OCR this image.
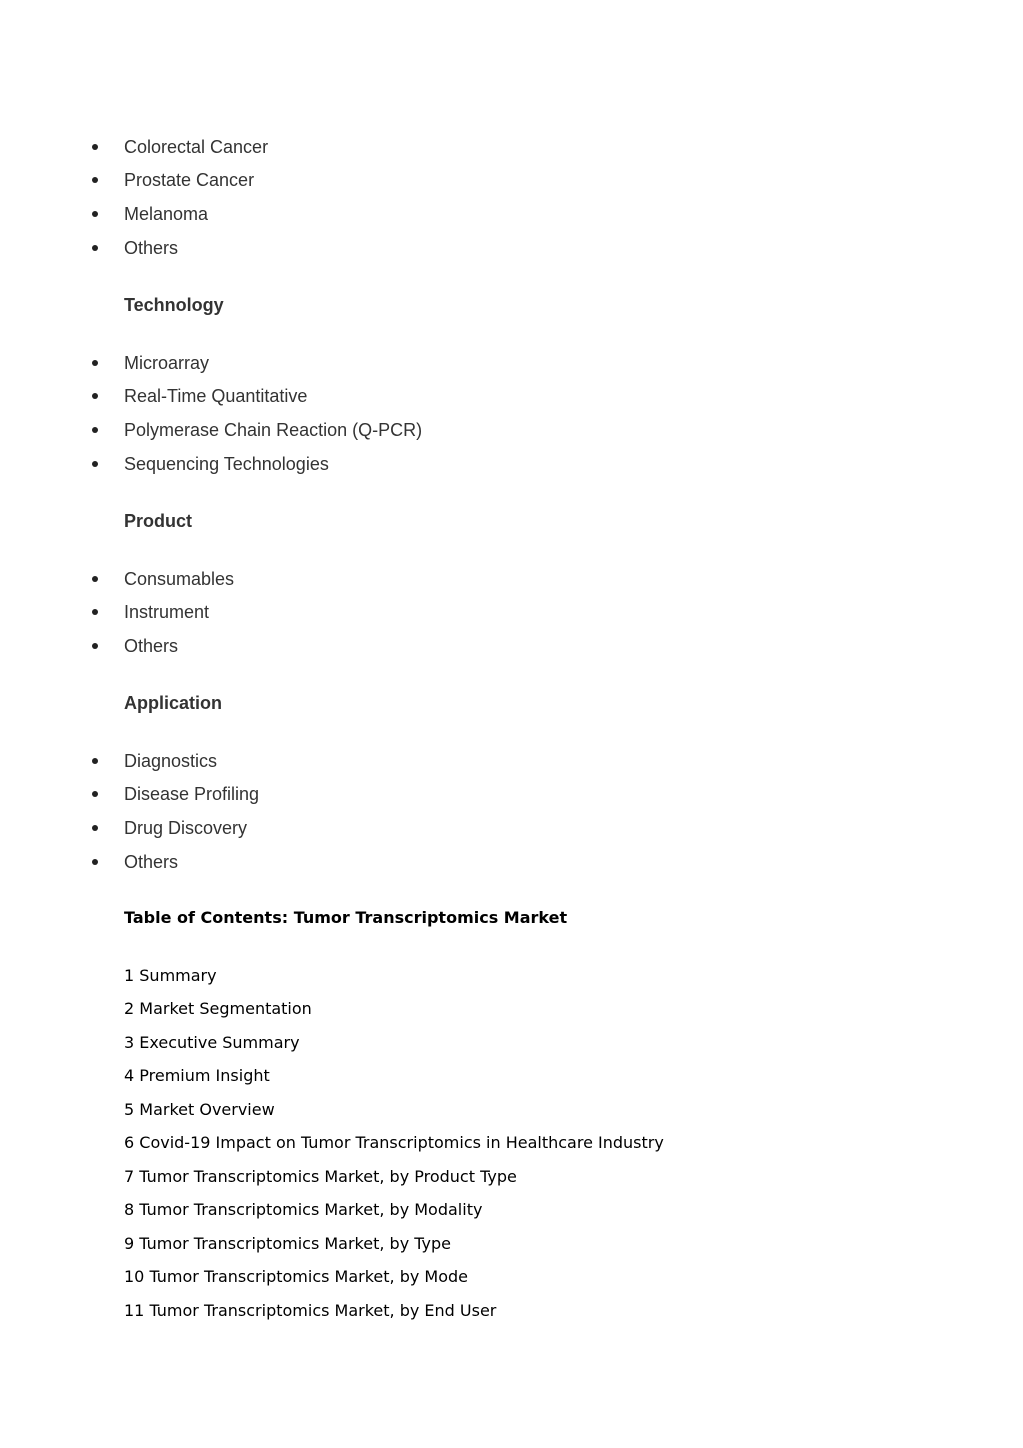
Colorectal Cancer
Prostate Cancer
Melanoma
Others
Technology
Microarray
Real-Time Quantitative
Polymerase Chain Reaction (Q-PCR)
Sequencing Technologies
Product
Consumables
Instrument
Others
Application
Diagnostics
Disease Profiling
Drug Discovery
Others
Table of Contents: Tumor Transcriptomics Market
1 Summary
2 Market Segmentation
3 Executive Summary
4 Premium Insight
5 Market Overview
6 Covid-19 Impact on Tumor Transcriptomics in Healthcare Industry
7 Tumor Transcriptomics Market, by Product Type
8 Tumor Transcriptomics Market, by Modality
9 Tumor Transcriptomics Market, by Type
10 Tumor Transcriptomics Market, by Mode
11 Tumor Transcriptomics Market, by End User
